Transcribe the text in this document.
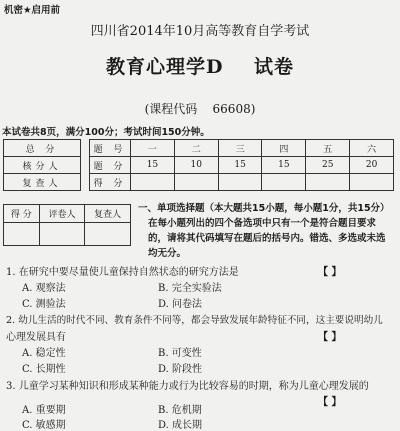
机密★启用前
四川省2014年10月高等教育自学考试
教育心理学D    试卷
(课程代码    66608)
本试卷共8页，满分100分；考试时间150分钟。
总 分		题 号	一	二	三	四	五	六
核分人		题 分	15	10	15	15	25	20
复查人		得 分						
得 分	评卷人	复查人

一、单项选择题（本大题共15小题，每小题1分，共15分）
在每小题列出的四个备选项中只有一个是符合题目要求
的，请将其代码填写在题后的括号内。错选、多选或未选
均无分。
1. 在研究中要尽量使儿童保持自然状态的研究方法是	【 】
A. 观察法	B. 完全实验法
C. 测验法	D. 问卷法
2. 幼儿生活的时代不同、教育条件不同等，都会导致发展年龄特征不同，这主要说明幼儿
心理发展具有	【 】
A. 稳定性	B. 可变性
C. 长期性	D. 阶段性
3. 儿童学习某种知识和形成某种能力或行为比较容易的时期，称为儿童心理发展的
【 】
A. 重要期	B. 危机期
C. 敏感期	D. 成长期
